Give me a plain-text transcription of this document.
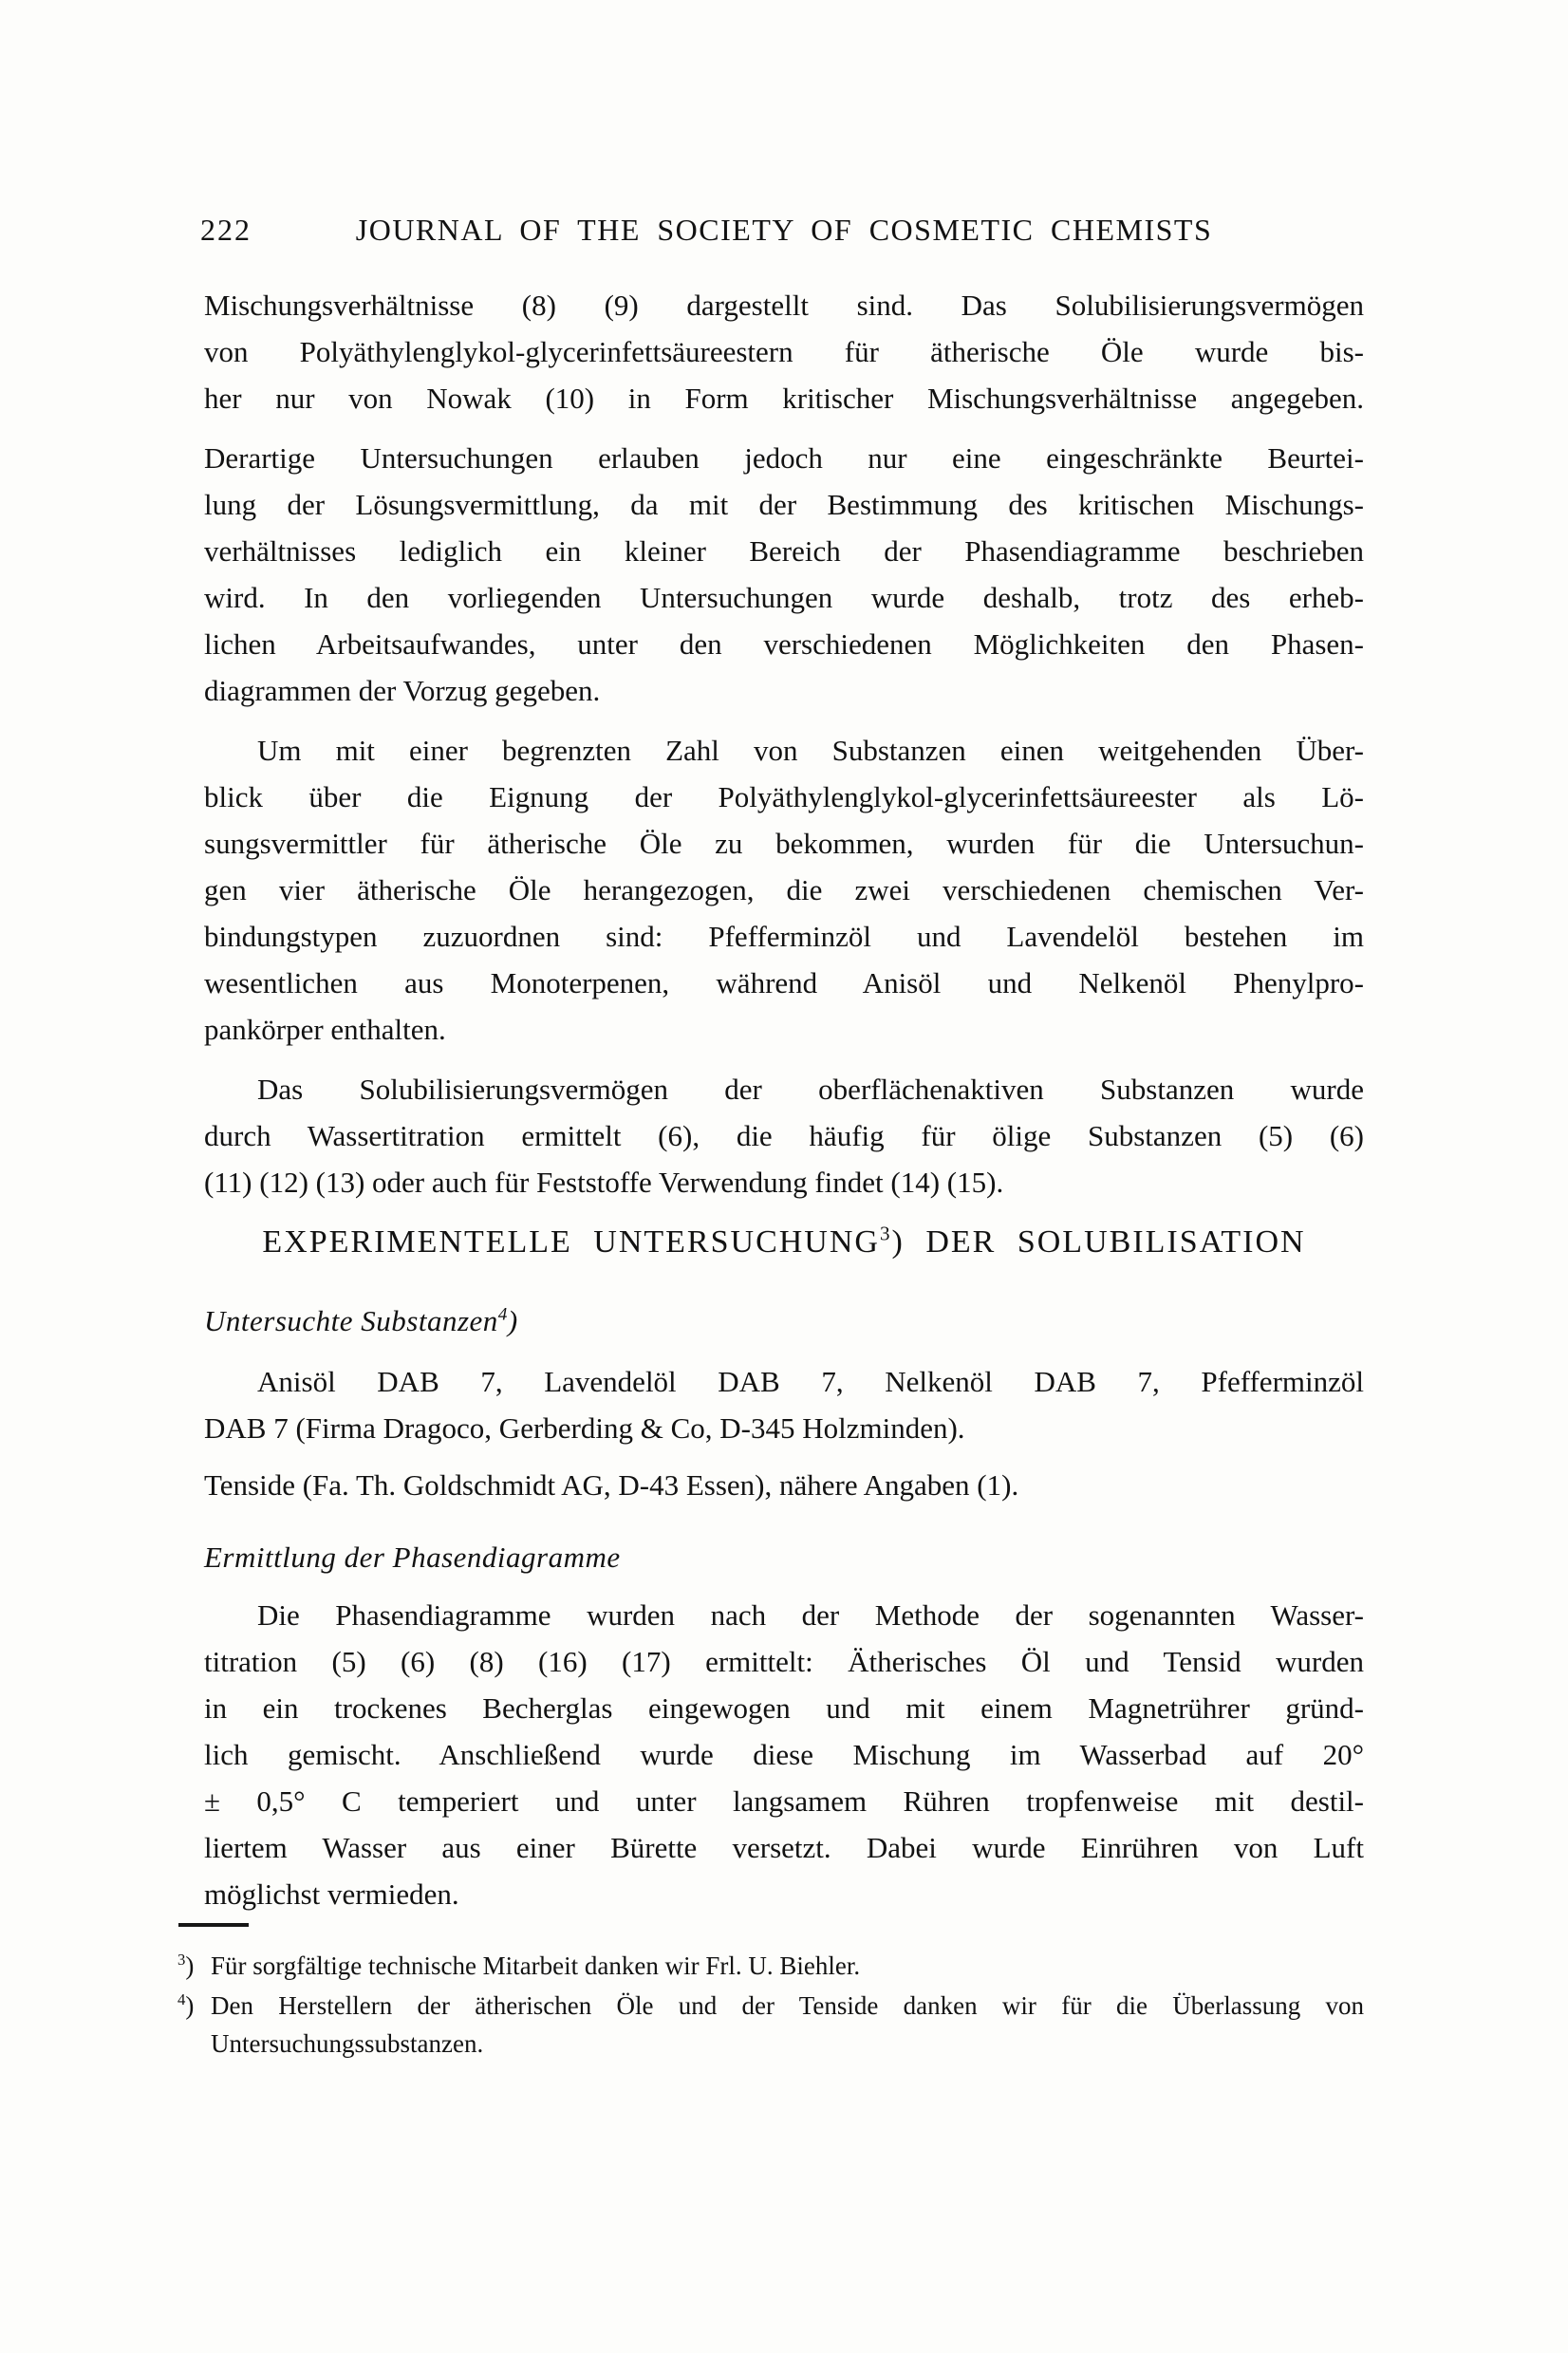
222	JOURNAL OF THE SOCIETY OF COSMETIC CHEMISTS
Mischungsverhältnisse (8) (9) dargestellt sind. Das Solubilisierungsvermögen
von Polyäthylenglykol-glycerinfettsäureestern für ätherische Öle wurde bis-
her nur von Nowak (10) in Form kritischer Mischungsverhältnisse angegeben.
Derartige Untersuchungen erlauben jedoch nur eine eingeschränkte Beurtei-
lung der Lösungsvermittlung, da mit der Bestimmung des kritischen Mischungs-
verhältnisses lediglich ein kleiner Bereich der Phasendiagramme beschrieben
wird. In den vorliegenden Untersuchungen wurde deshalb, trotz des erheb-
lichen Arbeitsaufwandes, unter den verschiedenen Möglichkeiten den Phasen-
diagrammen der Vorzug gegeben.
Um mit einer begrenzten Zahl von Substanzen einen weitgehenden Über-
blick über die Eignung der Polyäthylenglykol-glycerinfettsäureester als Lö-
sungsvermittler für ätherische Öle zu bekommen, wurden für die Untersuchun-
gen vier ätherische Öle herangezogen, die zwei verschiedenen chemischen Ver-
bindungstypen zuzuordnen sind: Pfefferminzöl und Lavendelöl bestehen im
wesentlichen aus Monoterpenen, während Anisöl und Nelkenöl Phenylpro-
pankörper enthalten.
Das Solubilisierungsvermögen der oberflächenaktiven Substanzen wurde
durch Wassertitration ermittelt (6), die häufig für ölige Substanzen (5) (6)
(11) (12) (13) oder auch für Feststoffe Verwendung findet (14) (15).
EXPERIMENTELLE UNTERSUCHUNG$^3$) DER SOLUBILISATION
Untersuchte Substanzen$^4$)
Anisöl DAB 7, Lavendelöl DAB 7, Nelkenöl DAB 7, Pfefferminzöl
DAB 7 (Firma Dragoco, Gerberding & Co, D-345 Holzminden).
Tenside (Fa. Th. Goldschmidt AG, D-43 Essen), nähere Angaben (1).
Ermittlung der Phasendiagramme
Die Phasendiagramme wurden nach der Methode der sogenannten Wasser-
titration (5) (6) (8) (16) (17) ermittelt: Ätherisches Öl und Tensid wurden
in ein trockenes Becherglas eingewogen und mit einem Magnetrührer gründ-
lich gemischt. Anschließend wurde diese Mischung im Wasserbad auf 20°
± 0,5° C temperiert und unter langsamem Rühren tropfenweise mit destil-
liertem Wasser aus einer Bürette versetzt. Dabei wurde Einrühren von Luft
möglichst vermieden.
$^3$) Für sorgfältige technische Mitarbeit danken wir Frl. U. Biehler.
$^4$) Den Herstellern der ätherischen Öle und der Tenside danken wir für die Überlassung von
Untersuchungssubstanzen.
